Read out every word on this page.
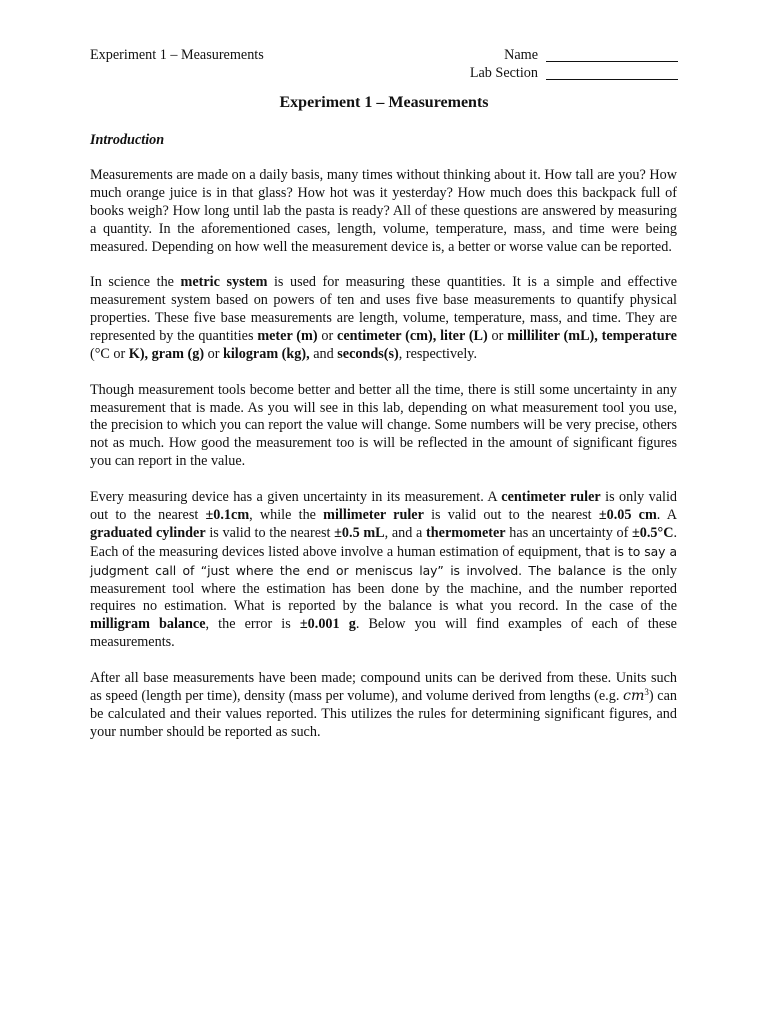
Experiment 1 – Measurements	Name
Lab Section
Experiment 1 – Measurements
Introduction

Measurements are made on a daily basis, many times without thinking about it. How tall are you? How much orange juice is in that glass? How hot was it yesterday? How much does this backpack full of books weigh? How long until lab the pasta is ready? All of these questions are answered by measuring a quantity. In the aforementioned cases, length, volume, temperature, mass, and time were being measured. Depending on how well the measurement device is, a better or worse value can be reported.

In science the metric system is used for measuring these quantities. It is a simple and effective measurement system based on powers of ten and uses five base measurements to quantify physical properties. These five base measurements are length, volume, temperature, mass, and time. They are represented by the quantities meter (m) or centimeter (cm), liter (L) or milliliter (mL), temperature (°C or K), gram (g) or kilogram (kg), and seconds(s), respectively.

Though measurement tools become better and better all the time, there is still some uncertainty in any measurement that is made. As you will see in this lab, depending on what measurement tool you use, the precision to which you can report the value will change. Some numbers will be very precise, others not as much. How good the measurement too is will be reflected in the amount of significant figures you can report in the value.

Every measuring device has a given uncertainty in its measurement. A centimeter ruler is only valid out to the nearest ±0.1cm, while the millimeter ruler is valid out to the nearest ±0.05 cm. A graduated cylinder is valid to the nearest ±0.5 mL, and a thermometer has an uncertainty of ±0.5°C. Each of the measuring devices listed above involve a human estimation of equipment, that is to say a judgment call of “just where the end or meniscus lay” is involved. The balance is the only measurement tool where the estimation has been done by the machine, and the number reported requires no estimation. What is reported by the balance is what you record. In the case of the milligram balance, the error is ±0.001 g. Below you will find examples of each of these measurements.

After all base measurements have been made; compound units can be derived from these. Units such as speed (length per time), density (mass per volume), and volume derived from lengths (e.g. $cm^3$) can be calculated and their values reported. This utilizes the rules for determining significant figures, and your number should be reported as such.
